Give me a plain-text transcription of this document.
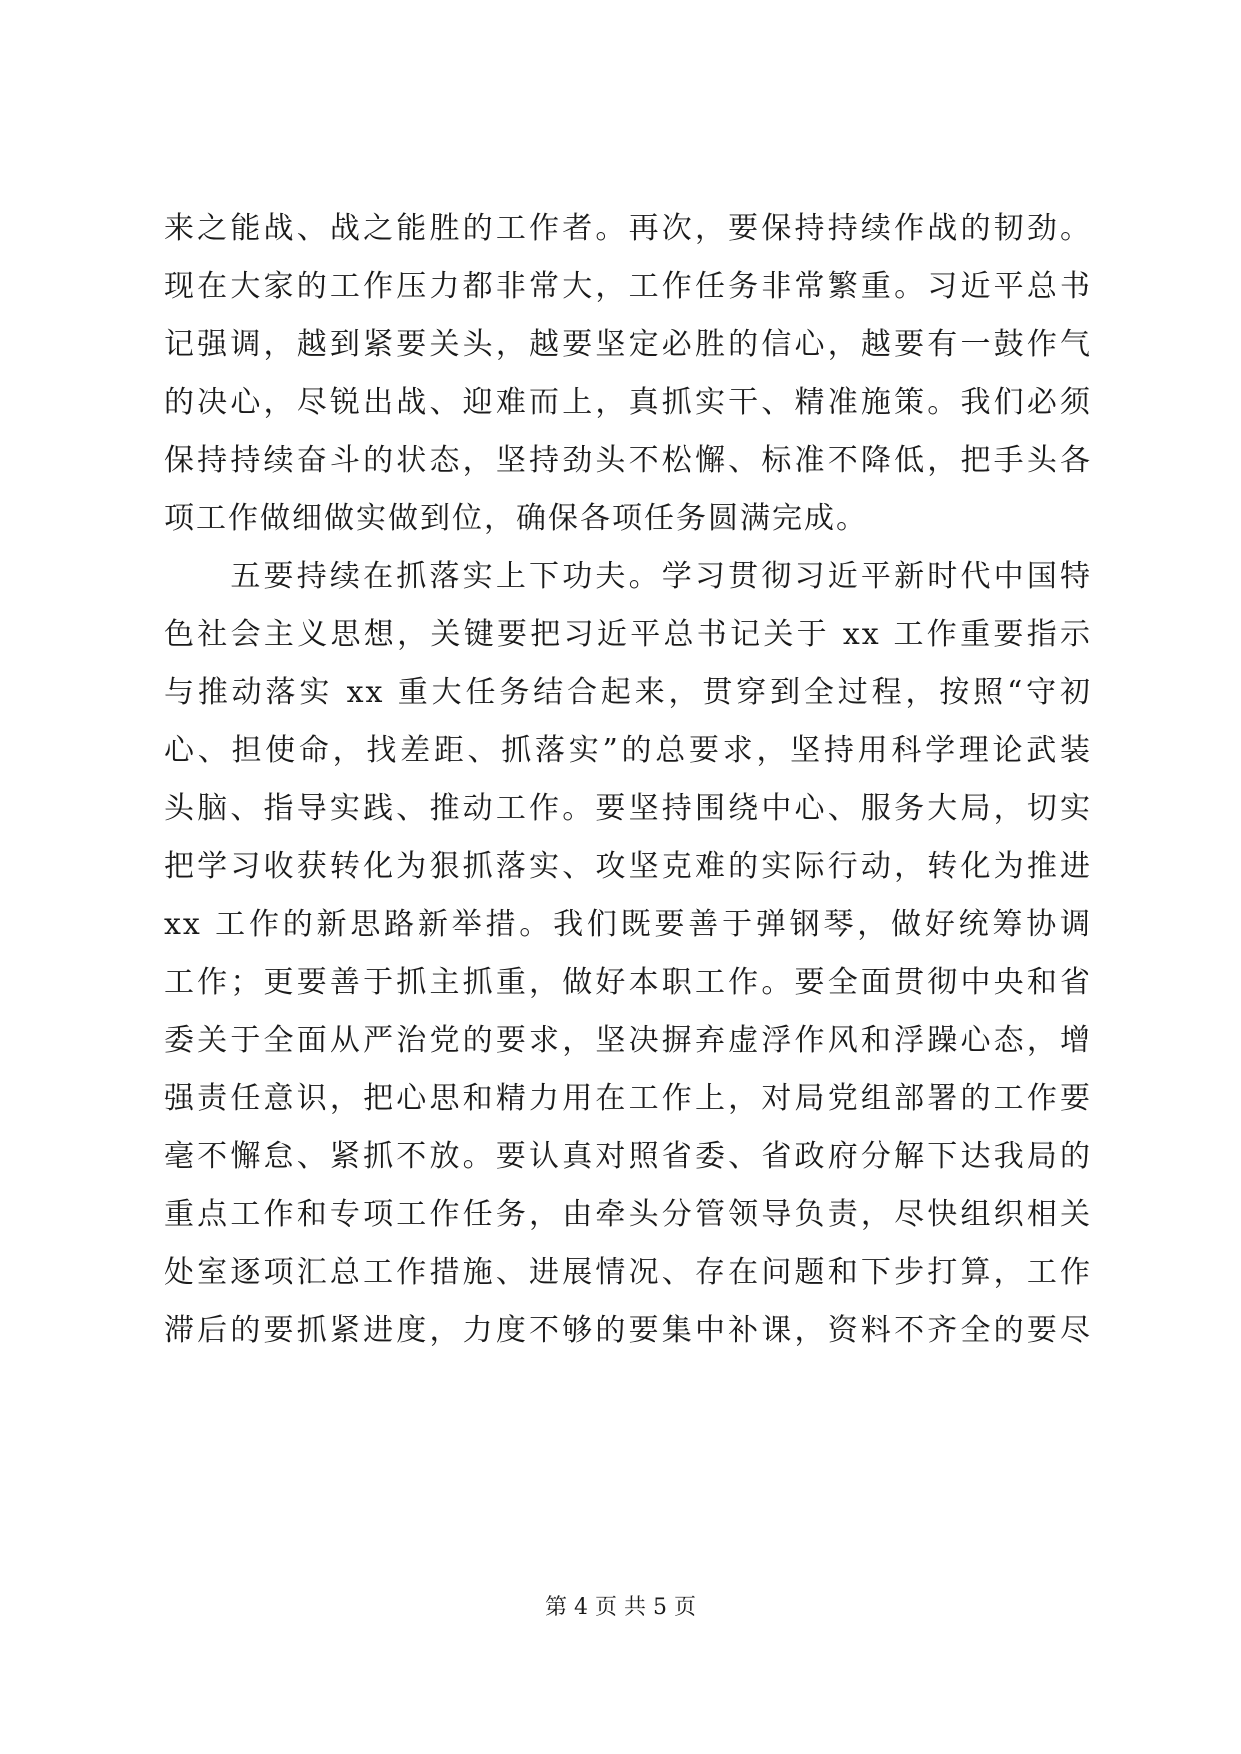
来之能战、战之能胜的工作者。再次，要保持持续作战的韧劲。
现在大家的工作压力都非常大，工作任务非常繁重。习近平总书
记强调，越到紧要关头，越要坚定必胜的信心，越要有一鼓作气
的决心，尽锐出战、迎难而上，真抓实干、精准施策。我们必须
保持持续奋斗的状态，坚持劲头不松懈、标准不降低，把手头各
项工作做细做实做到位，确保各项任务圆满完成。
　　五要持续在抓落实上下功夫。学习贯彻习近平新时代中国特
色社会主义思想，关键要把习近平总书记关于 xx 工作重要指示
与推动落实 xx 重大任务结合起来，贯穿到全过程，按照“守初
心、担使命，找差距、抓落实”的总要求，坚持用科学理论武装
头脑、指导实践、推动工作。要坚持围绕中心、服务大局，切实
把学习收获转化为狠抓落实、攻坚克难的实际行动，转化为推进
xx 工作的新思路新举措。我们既要善于弹钢琴，做好统筹协调
工作；更要善于抓主抓重，做好本职工作。要全面贯彻中央和省
委关于全面从严治党的要求，坚决摒弃虚浮作风和浮躁心态，增
强责任意识，把心思和精力用在工作上，对局党组部署的工作要
毫不懈怠、紧抓不放。要认真对照省委、省政府分解下达我局的
重点工作和专项工作任务，由牵头分管领导负责，尽快组织相关
处室逐项汇总工作措施、进展情况、存在问题和下步打算，工作
滞后的要抓紧进度，力度不够的要集中补课，资料不齐全的要尽
第 4 页 共 5 页
